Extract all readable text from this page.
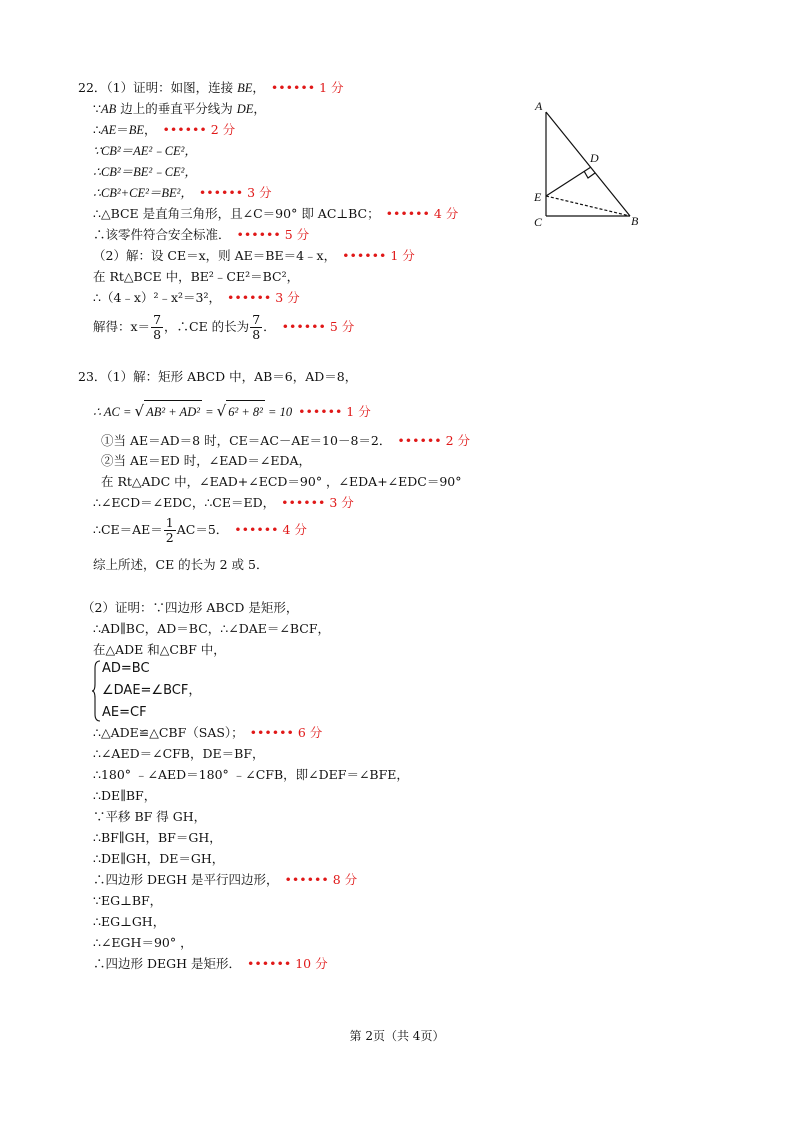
22．（1）证明：如图，连接 BE， •••••• 1 分
∵AB 边上的垂直平分线为 DE，
∴AE＝BE， •••••• 2 分
∵CB²＝AE²﹣CE²，
∴CB²＝BE²﹣CE²，
∴CB²+CE²＝BE²， •••••• 3 分
∴△BCE 是直角三角形，且∠C＝90° 即 AC⊥BC； •••••• 4 分
∴该零件符合安全标准． •••••• 5 分
（2）解：设 CE＝x，则 AE＝BE＝4﹣x， •••••• 1 分
在 Rt△BCE 中，BE²﹣CE²＝BC²，
∴（4﹣x）²﹣x²＝3²， •••••• 3 分
解得：$x= \frac{7}{8}$ ，∴CE 的长为 $\frac{7}{8}$ ． •••••• 5 分
A
D
E
C	B
23．（1）解：矩形 ABCD 中，AB＝6，AD＝8，
∴ AC = √ AB² + AD² = √ 6² + 8² = 10 •••••• 1 分
①当 AE＝AD＝8 时，CE＝AC－AE＝10－8＝2． •••••• 2 分
②当 AE＝ED 时，∠EAD＝∠EDA，
在 Rt△ADC 中，∠EAD+∠ECD＝90° ，∠EDA+∠EDC＝90°
∴∠ECD＝∠EDC，∴CE＝ED， •••••• 3 分
∴CE＝AE＝ $\frac{1}{2} AC=5$． •••••• 4 分
综上所述，CE 的长为 2 或 5．
（2）证明：∵四边形 ABCD 是矩形，
∴AD∥BC，AD＝BC，∴∠DAE＝∠BCF，
在△ADE 和△CBF 中，
AD=BC
∠DAE=∠BCF，
AE=CF
∴△ADE≌△CBF（SAS）； •••••• 6 分
∴∠AED＝∠CFB，DE＝BF，
∴180° ﹣∠AED＝180° ﹣∠CFB，即∠DEF＝∠BFE，
∴DE∥BF，
∵平移 BF 得 GH，
∴BF∥GH，BF＝GH，
∴DE∥GH，DE＝GH，
∴四边形 DEGH 是平行四边形， •••••• 8 分
∵EG⊥BF，
∴EG⊥GH，
∴∠EGH＝90° ，
∴四边形 DEGH 是矩形． •••••• 10 分
第 2页（共 4页）
